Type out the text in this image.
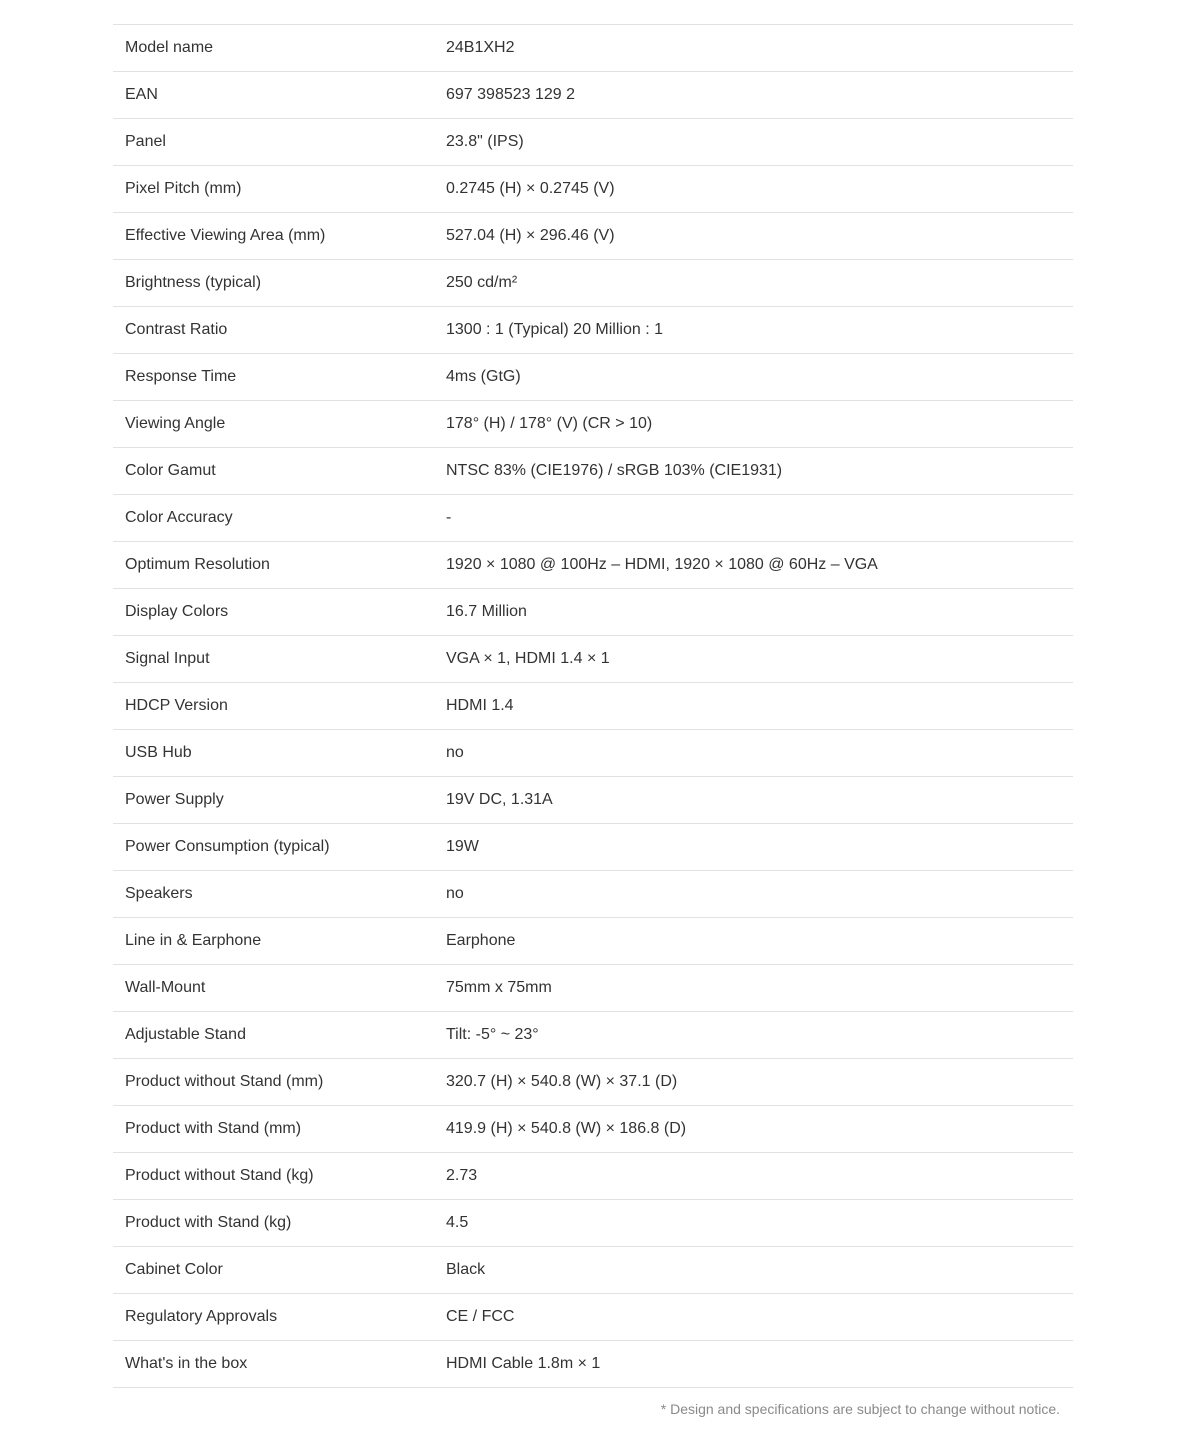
Model name	24B1XH2
EAN	697 398523 129 2
Panel	23.8" (IPS)
Pixel Pitch (mm)	0.2745 (H) × 0.2745 (V)
Effective Viewing Area (mm)	527.04 (H) × 296.46 (V)
Brightness (typical)	250 cd/m²
Contrast Ratio	1300 : 1 (Typical) 20 Million : 1
Response Time	4ms (GtG)
Viewing Angle	178° (H) / 178° (V) (CR > 10)
Color Gamut	NTSC 83% (CIE1976) / sRGB 103% (CIE1931)
Color Accuracy	-
Optimum Resolution	1920 × 1080 @ 100Hz – HDMI, 1920 × 1080 @ 60Hz – VGA
Display Colors	16.7 Million
Signal Input	VGA × 1, HDMI 1.4 × 1
HDCP Version	HDMI 1.4
USB Hub	no
Power Supply	19V DC, 1.31A
Power Consumption (typical)	19W
Speakers	no
Line in & Earphone	Earphone
Wall-Mount	75mm x 75mm
Adjustable Stand	Tilt: -5° ~ 23°
Product without Stand (mm)	320.7 (H) × 540.8 (W) × 37.1 (D)
Product with Stand (mm)	419.9 (H) × 540.8 (W) × 186.8 (D)
Product without Stand (kg)	2.73
Product with Stand (kg)	4.5
Cabinet Color	Black
Regulatory Approvals	CE / FCC
What's in the box	HDMI Cable 1.8m × 1
* Design and specifications are subject to change without notice.
